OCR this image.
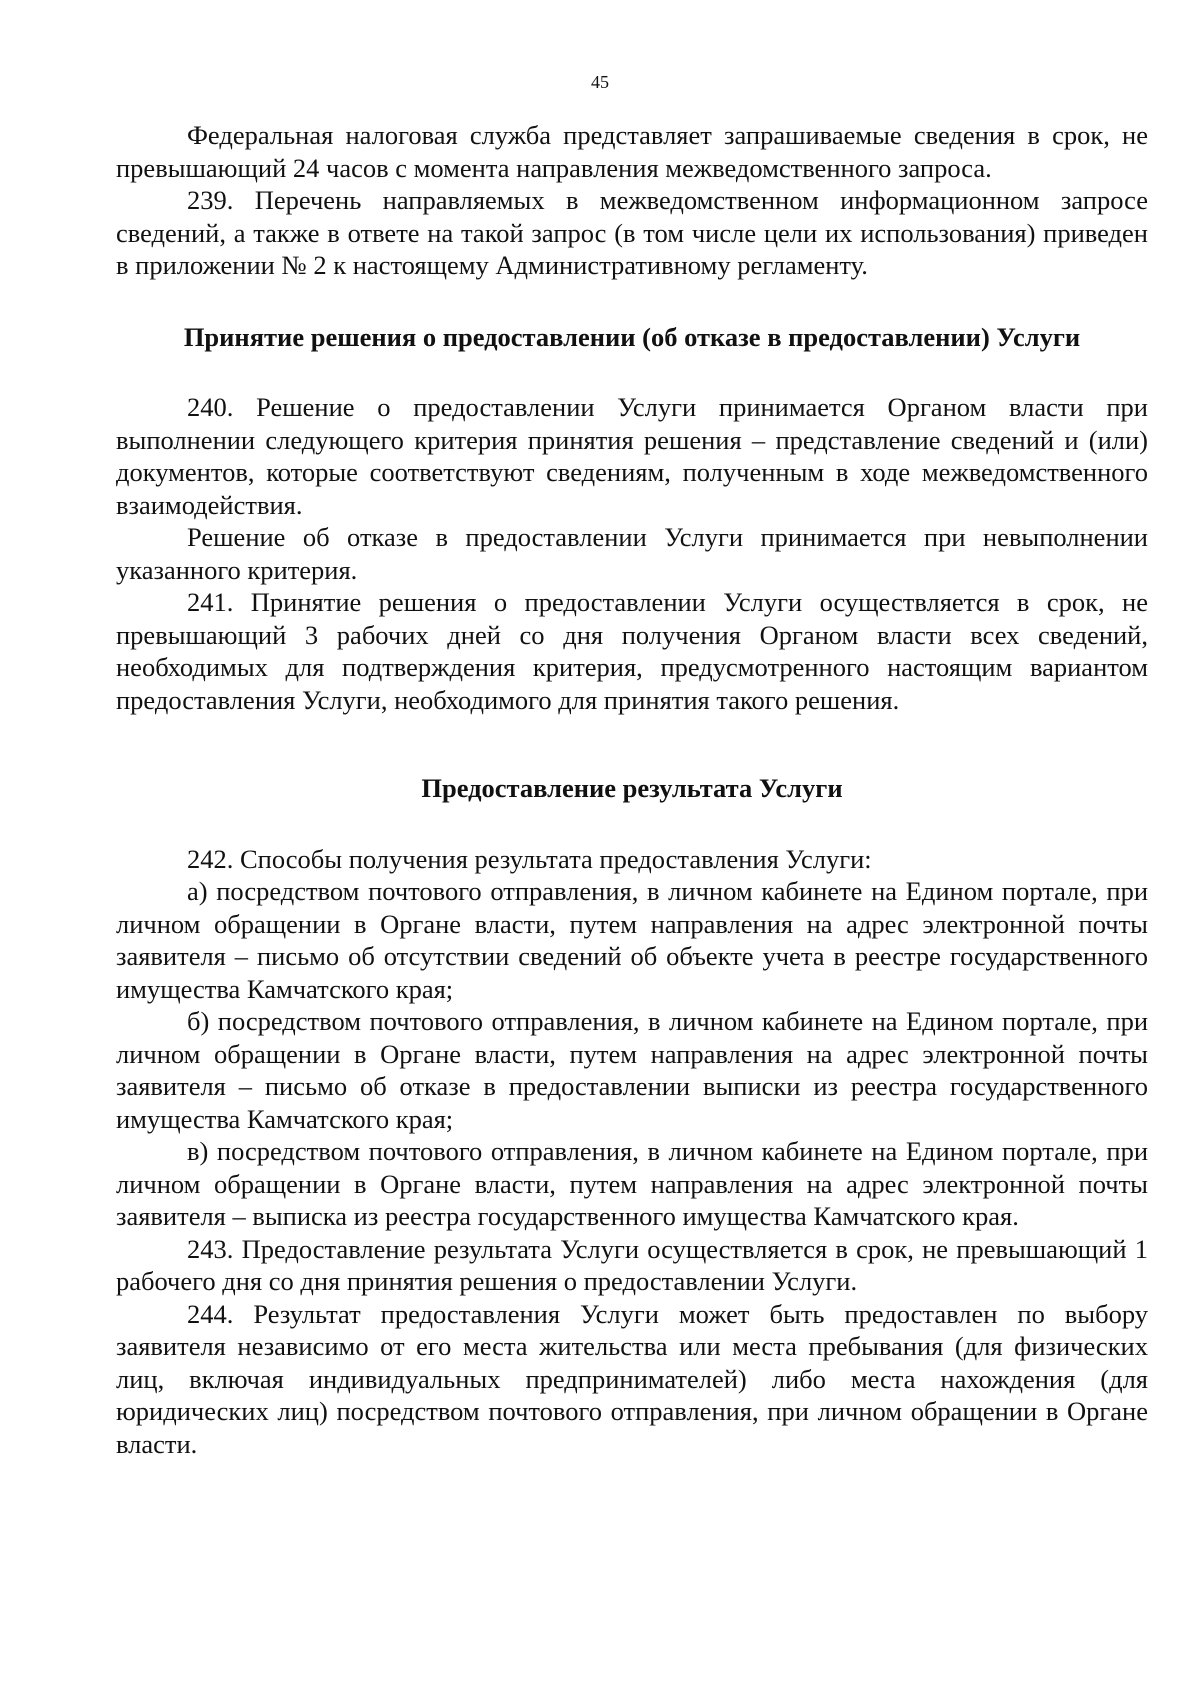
45

Федеральная налоговая служба представляет запрашиваемые сведения в срок, не превышающий 24 часов с момента направления межведомственного запроса.

239. Перечень направляемых в межведомственном информационном запросе сведений, а также в ответе на такой запрос (в том числе цели их использования) приведен в приложении № 2 к настоящему Административному регламенту.

Принятие решения о предоставлении (об отказе в предоставлении) Услуги

240. Решение о предоставлении Услуги принимается Органом власти при выполнении следующего критерия принятия решения – представление сведений и (или) документов, которые соответствуют сведениям, полученным в ходе межведомственного взаимодействия.

Решение об отказе в предоставлении Услуги принимается при невыполнении указанного критерия.

241. Принятие решения о предоставлении Услуги осуществляется в срок, не превышающий 3 рабочих дней со дня получения Органом власти всех сведений, необходимых для подтверждения критерия, предусмотренного настоящим вариантом предоставления Услуги, необходимого для принятия такого решения.

Предоставление результата Услуги

242. Способы получения результата предоставления Услуги:

а) посредством почтового отправления, в личном кабинете на Едином портале, при личном обращении в Органе власти, путем направления на адрес электронной почты заявителя – письмо об отсутствии сведений об объекте учета в реестре государственного имущества Камчатского края;

б) посредством почтового отправления, в личном кабинете на Едином портале, при личном обращении в Органе власти, путем направления на адрес электронной почты заявителя – письмо об отказе в предоставлении выписки из реестра государственного имущества Камчатского края;

в) посредством почтового отправления, в личном кабинете на Едином портале, при личном обращении в Органе власти, путем направления на адрес электронной почты заявителя – выписка из реестра государственного имущества Камчатского края.

243. Предоставление результата Услуги осуществляется в срок, не превышающий 1 рабочего дня со дня принятия решения о предоставлении Услуги.

244. Результат предоставления Услуги может быть предоставлен по выбору заявителя независимо от его места жительства или места пребывания (для физических лиц, включая индивидуальных предпринимателей) либо места нахождения (для юридических лиц) посредством почтового отправления, при личном обращении в Органе власти.
